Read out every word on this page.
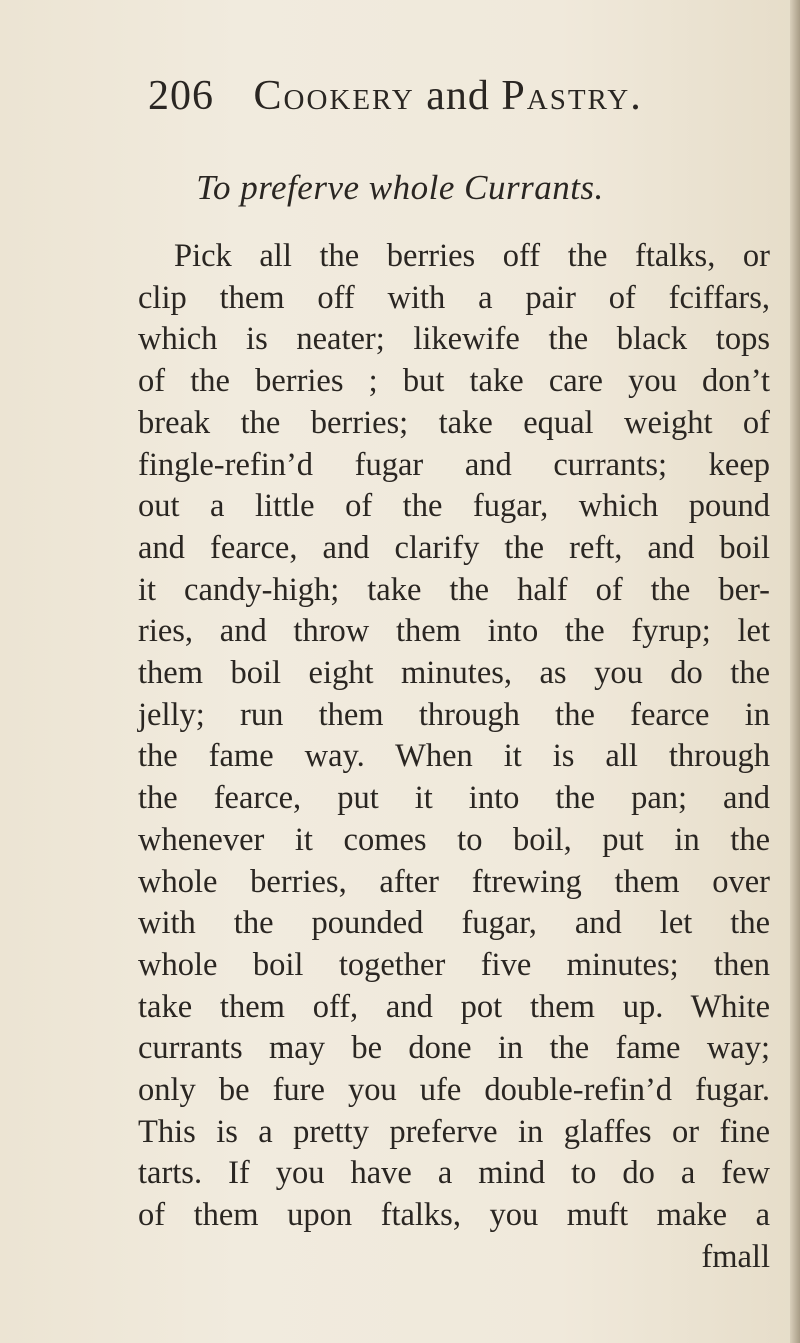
206 Cookery and Pastry.
To preferve whole Currants.
Pick all the berries off the ftalks, or
clip them off with a pair of fciffars,
which is neater; likewife the black tops
of the berries ; but take care you don’t
break the berries; take equal weight of
fingle-refin’d fugar and currants; keep
out a little of the fugar, which pound
and fearce, and clarify the reft, and boil
it candy-high; take the half of the ber-
ries, and throw them into the fyrup; let
them boil eight minutes, as you do the
jelly; run them through the fearce in
the fame way. When it is all through
the fearce, put it into the pan; and
whenever it comes to boil, put in the
whole berries, after ftrewing them over
with the pounded fugar, and let the
whole boil together five minutes; then
take them off, and pot them up. White
currants may be done in the fame way;
only be fure you ufe double-refin’d fugar.
This is a pretty preferve in glaffes or fine
tarts. If you have a mind to do a few
of them upon ftalks, you muft make a
fmall
